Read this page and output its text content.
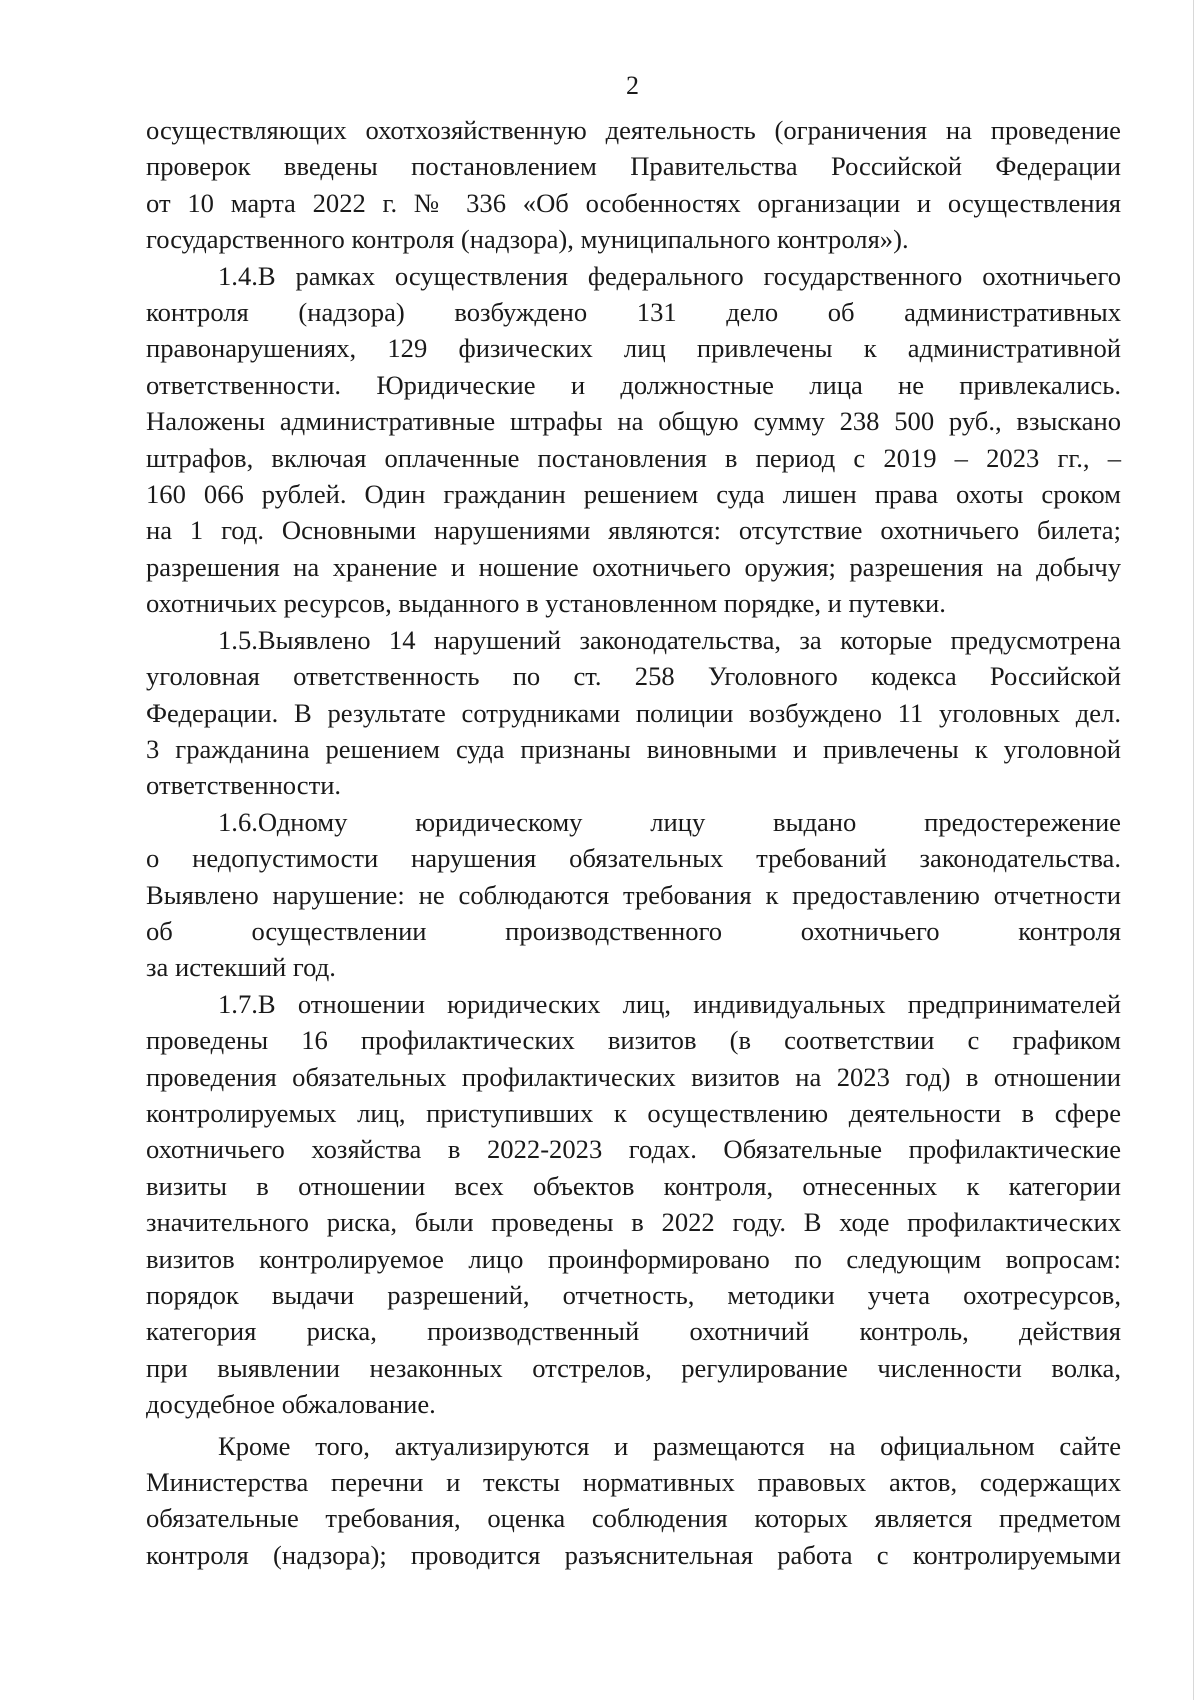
2

осуществляющих охотхозяйственную деятельность (ограничения на проведение
проверок введены постановлением Правительства Российской Федерации
от 10 марта 2022 г. № 336 «Об особенностях организации и осуществления
государственного контроля (надзора), муниципального контроля»).

1.4.В рамках осуществления федерального государственного охотничьего
контроля (надзора) возбуждено 131 дело об административных
правонарушениях, 129 физических лиц привлечены к административной
ответственности. Юридические и должностные лица не привлекались.
Наложены административные штрафы на общую сумму 238 500 руб., взыскано
штрафов, включая оплаченные постановления в период с 2019 – 2023 гг., –
160 066 рублей. Один гражданин решением суда лишен права охоты сроком
на 1 год. Основными нарушениями являются: отсутствие охотничьего билета;
разрешения на хранение и ношение охотничьего оружия; разрешения на добычу
охотничьих ресурсов, выданного в установленном порядке, и путевки.

1.5.Выявлено 14 нарушений законодательства, за которые предусмотрена
уголовная ответственность по ст. 258 Уголовного кодекса Российской
Федерации. В результате сотрудниками полиции возбуждено 11 уголовных дел.
3 гражданина решением суда признаны виновными и привлечены к уголовной
ответственности.

1.6.Одному юридическому лицу выдано предостережение
о недопустимости нарушения обязательных требований законодательства.
Выявлено нарушение: не соблюдаются требования к предоставлению отчетности
об осуществлении производственного охотничьего контроля
за истекший год.

1.7.В отношении юридических лиц, индивидуальных предпринимателей
проведены 16 профилактических визитов (в соответствии с графиком
проведения обязательных профилактических визитов на 2023 год) в отношении
контролируемых лиц, приступивших к осуществлению деятельности в сфере
охотничьего хозяйства в 2022-2023 годах. Обязательные профилактические
визиты в отношении всех объектов контроля, отнесенных к категории
значительного риска, были проведены в 2022 году. В ходе профилактических
визитов контролируемое лицо проинформировано по следующим вопросам:
порядок выдачи разрешений, отчетность, методики учета охотресурсов,
категория риска, производственный охотничий контроль, действия
при выявлении незаконных отстрелов, регулирование численности волка,
досудебное обжалование.

Кроме того, актуализируются и размещаются на официальном сайте
Министерства перечни и тексты нормативных правовых актов, содержащих
обязательные требования, оценка соблюдения которых является предметом
контроля (надзора); проводится разъяснительная работа с контролируемыми
